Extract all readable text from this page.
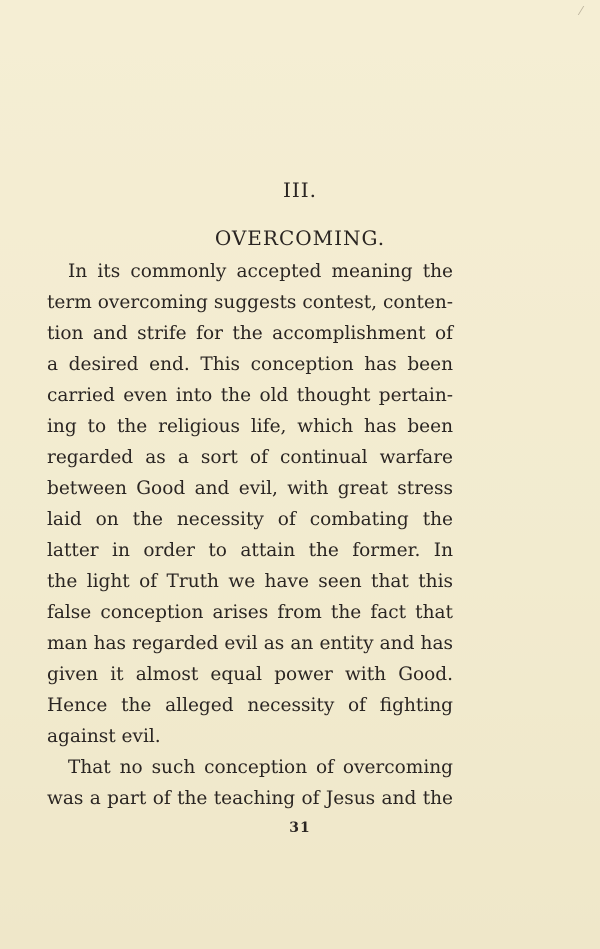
⁄
III.
OVERCOMING.
In its commonly accepted meaning the
term overcoming suggests contest, conten-
tion and strife for the accomplishment of
a desired end. This conception has been
carried even into the old thought pertain-
ing to the religious life, which has been
regarded as a sort of continual warfare
between Good and evil, with great stress
laid on the necessity of combating the
latter in order to attain the former. In
the light of Truth we have seen that this
false conception arises from the fact that
man has regarded evil as an entity and has
given it almost equal power with Good.
Hence the alleged necessity of fighting
against evil.
That no such conception of overcoming
was a part of the teaching of Jesus and the
31
